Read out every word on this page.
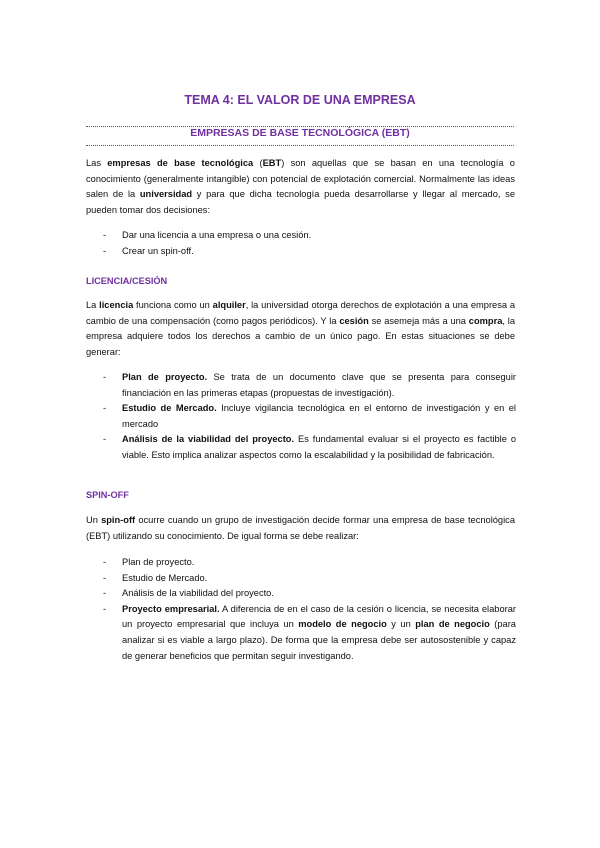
TEMA 4: EL VALOR DE UNA EMPRESA
EMPRESAS DE BASE TECNOLÓGICA (EBT)

Las empresas de base tecnológica (EBT) son aquellas que se basan en una tecnología o conocimiento (generalmente intangible) con potencial de explotación comercial. Normalmente las ideas salen de la universidad y para que dicha tecnología pueda desarrollarse y llegar al mercado, se pueden tomar dos decisiones:

- Dar una licencia a una empresa o una cesión.
- Crear un spin-off.
LICENCIA/CESIÓN

La licencia funciona como un alquiler, la universidad otorga derechos de explotación a una empresa a cambio de una compensación (como pagos periódicos). Y la cesión se asemeja más a una compra, la empresa adquiere todos los derechos a cambio de un único pago. En estas situaciones se debe generar:

- Plan de proyecto. Se trata de un documento clave que se presenta para conseguir financiación en las primeras etapas (propuestas de investigación).
- Estudio de Mercado. Incluye vigilancia tecnológica en el entorno de investigación y en el mercado
- Análisis de la viabilidad del proyecto. Es fundamental evaluar si el proyecto es factible o viable. Esto implica analizar aspectos como la escalabilidad y la posibilidad de fabricación.
SPIN-OFF

Un spin-off ocurre cuando un grupo de investigación decide formar una empresa de base tecnológica (EBT) utilizando su conocimiento. De igual forma se debe realizar:

- Plan de proyecto.
- Estudio de Mercado.
- Análisis de la viabilidad del proyecto.
- Proyecto empresarial. A diferencia de en el caso de la cesión o licencia, se necesita elaborar un proyecto empresarial que incluya un modelo de negocio y un plan de negocio (para analizar si es viable a largo plazo). De forma que la empresa debe ser autosostenible y capaz de generar beneficios que permitan seguir investigando.
